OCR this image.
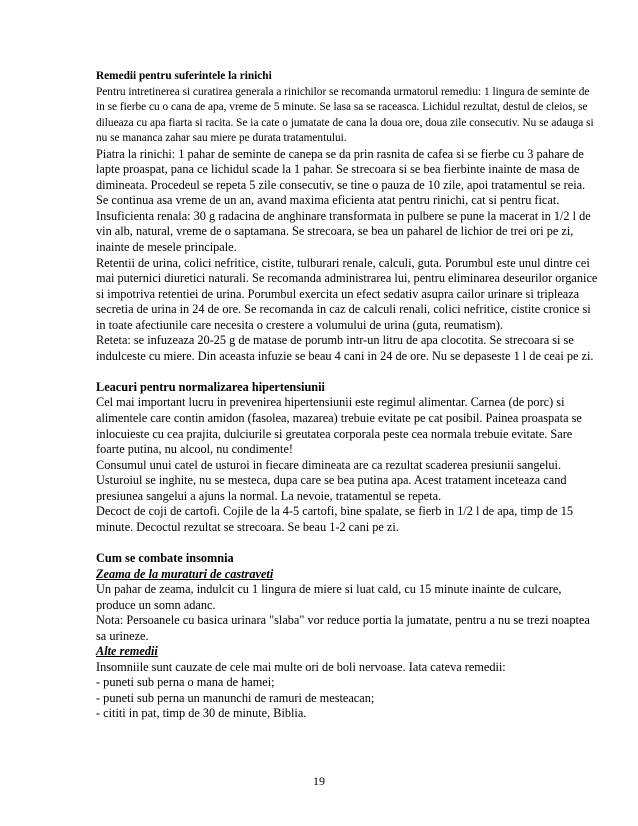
Remedii pentru suferintele la rinichi

Pentru intretinerea si curatirea generala a rinichilor se recomanda urmatorul remediu: 1 lingura de seminte de in se fierbe cu o cana de apa, vreme de 5 minute. Se lasa sa se raceasca. Lichidul rezultat, destul de cleios, se dilueaza cu apa fiarta si racita. Se ia cate o jumatate de cana la doua ore, doua zile consecutiv. Nu se adauga si nu se mananca zahar sau miere pe durata tratamentului.

Piatra la rinichi: 1 pahar de seminte de canepa se da prin rasnita de cafea si se fierbe cu 3 pahare de lapte proaspat, pana ce lichidul scade la 1 pahar. Se strecoara si se bea fierbinte inainte de masa de dimineata. Procedeul se repeta 5 zile consecutiv, se tine o pauza de 10 zile, apoi tratamentul se reia. Se continua asa vreme de un an, avand maxima eficienta atat pentru rinichi, cat si pentru ficat.

Insuficienta renala: 30 g radacina de anghinare transformata in pulbere se pune la macerat in 1/2 l de vin alb, natural, vreme de o saptamana. Se strecoara, se bea un paharel de lichior de trei ori pe zi, inainte de mesele principale.

Retentii de urina, colici nefritice, cistite, tulburari renale, calculi, guta. Porumbul este unul dintre cei mai puternici diuretici naturali. Se recomanda administrarea lui, pentru eliminarea deseurilor organice si impotriva retentiei de urina. Porumbul exercita un efect sedativ asupra cailor urinare si tripleaza secretia de urina in 24 de ore. Se recomanda in caz de calculi renali, colici nefritice, cistite cronice si in toate afectiunile care necesita o crestere a volumului de urina (guta, reumatism).

Reteta: se infuzeaza 20-25 g de matase de porumb intr-un litru de apa clocotita. Se strecoara si se indulceste cu miere. Din aceasta infuzie se beau 4 cani in 24 de ore. Nu se depaseste 1 l de ceai pe zi.

Leacuri pentru normalizarea hipertensiunii

Cel mai important lucru in prevenirea hipertensiunii este regimul alimentar. Carnea (de porc) si alimentele care contin amidon (fasolea, mazarea) trebuie evitate pe cat posibil. Painea proaspata se inlocuieste cu cea prajita, dulciurile si greutatea corporala peste cea normala trebuie evitate. Sare foarte putina, nu alcool, nu condimente!

Consumul unui catel de usturoi in fiecare dimineata are ca rezultat scaderea presiunii sangelui. Usturoiul se inghite, nu se mesteca, dupa care se bea putina apa. Acest tratament inceteaza cand presiunea sangelui a ajuns la normal. La nevoie, tratamentul se repeta.

Decoct de coji de cartofi. Cojile de la 4-5 cartofi, bine spalate, se fierb in 1/2 l de apa, timp de 15 minute. Decoctul rezultat se strecoara. Se beau 1-2 cani pe zi.

Cum se combate insomnia

Zeama de la muraturi de castraveti

Un pahar de zeama, indulcit cu 1 lingura de miere si luat cald, cu 15 minute inainte de culcare, produce un somn adanc.

Nota: Persoanele cu basica urinara "slaba" vor reduce portia la jumatate, pentru a nu se trezi noaptea sa urineze.

Alte remedii

Insomniile sunt cauzate de cele mai multe ori de boli nervoase. Iata cateva remedii:

- puneti sub perna o mana de hamei;

- puneti sub perna un manunchi de ramuri de mesteacan;

- cititi in pat, timp de 30 de minute, Biblia.

19
